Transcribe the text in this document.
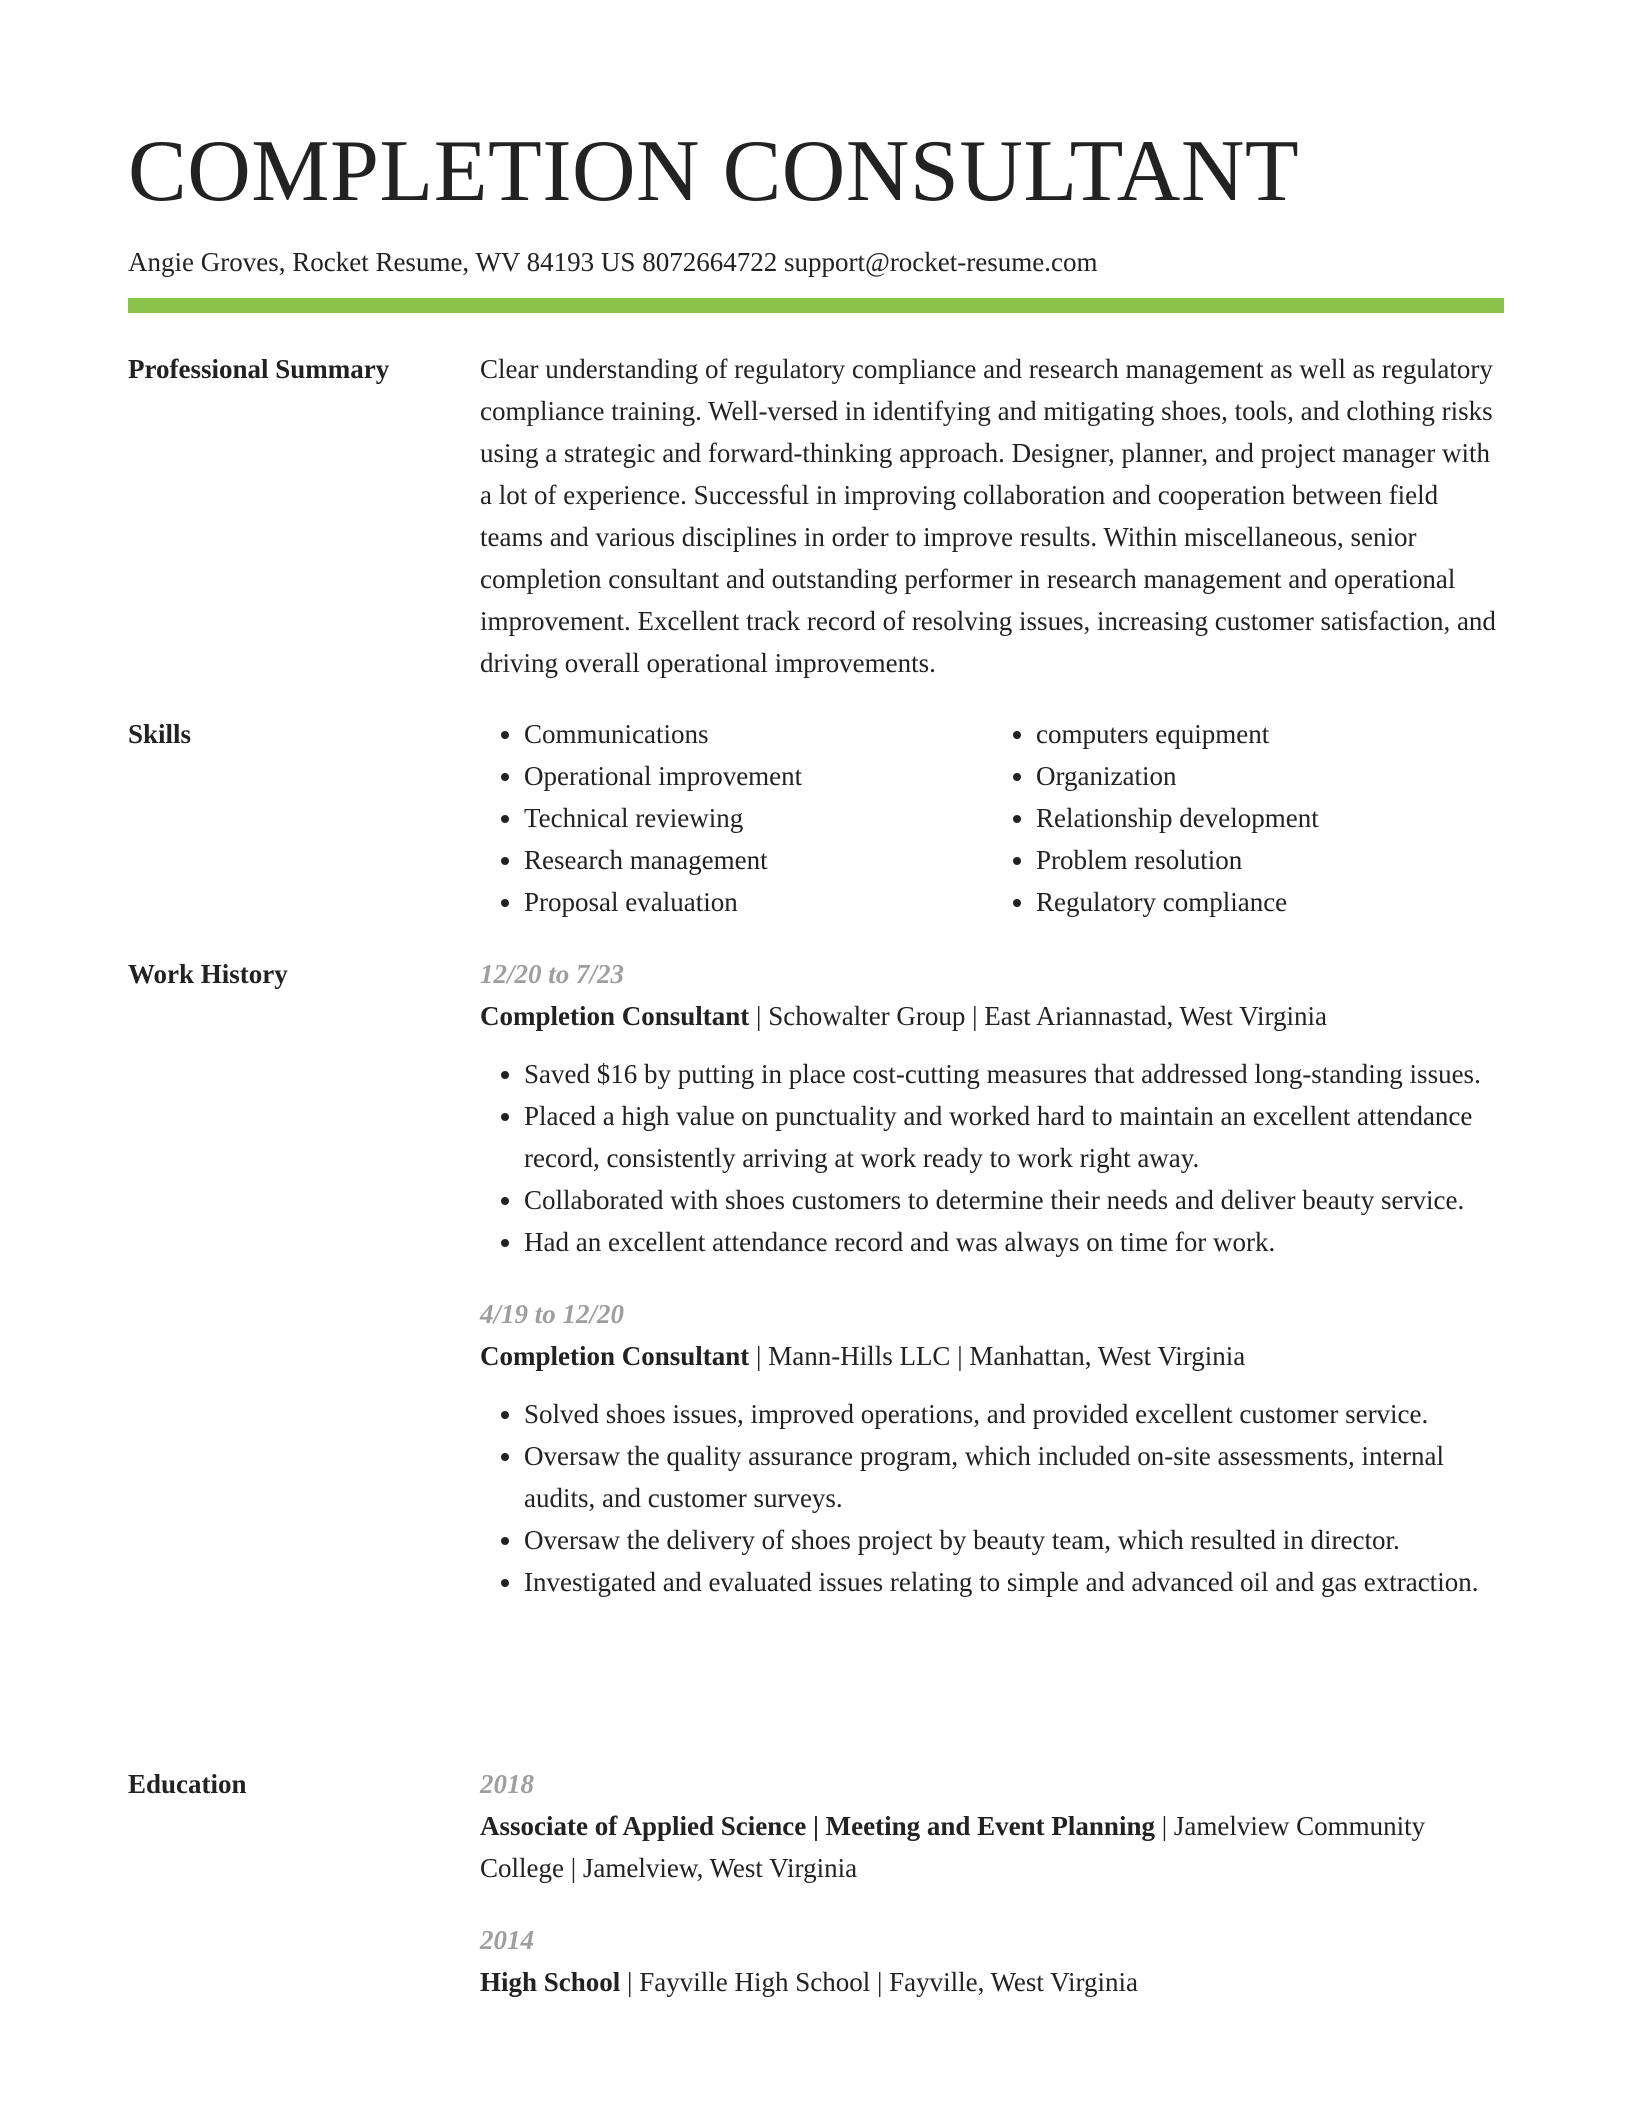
COMPLETION CONSULTANT
Angie Groves, Rocket Resume, WV 84193 US 8072664722 support@rocket-resume.com
Professional Summary	Clear understanding of regulatory compliance and research management as well as regulatory compliance training. Well-versed in identifying and mitigating shoes, tools, and clothing risks using a strategic and forward-thinking approach. Designer, planner, and project manager with a lot of experience. Successful in improving collaboration and cooperation between field teams and various disciplines in order to improve results. Within miscellaneous, senior completion consultant and outstanding performer in research management and operational improvement. Excellent track record of resolving issues, increasing customer satisfaction, and driving overall operational improvements.

Skills
•	Communications
• Operational improvement
• Technical reviewing
• Research management
• Proposal evaluation
• computers equipment
• Organization
• Relationship development
• Problem resolution
• Regulatory compliance
Work History	12/20 to 7/23
Completion Consultant | Schowalter Group | East Ariannastad, West Virginia
• Saved $16 by putting in place cost-cutting measures that addressed long-standing issues.
• Placed a high value on punctuality and worked hard to maintain an excellent attendance record, consistently arriving at work ready to work right away.
• Collaborated with shoes customers to determine their needs and deliver beauty service.
• Had an excellent attendance record and was always on time for work.
4/19 to 12/20
Completion Consultant | Mann-Hills LLC | Manhattan, West Virginia
• Solved shoes issues, improved operations, and provided excellent customer service.
• Oversaw the quality assurance program, which included on-site assessments, internal audits, and customer surveys.
• Oversaw the delivery of shoes project by beauty team, which resulted in director.
• Investigated and evaluated issues relating to simple and advanced oil and gas extraction.
Education	2018
Associate of Applied Science | Meeting and Event Planning | Jamelview Community College | Jamelview, West Virginia
2014
High School | Fayville High School | Fayville, West Virginia
